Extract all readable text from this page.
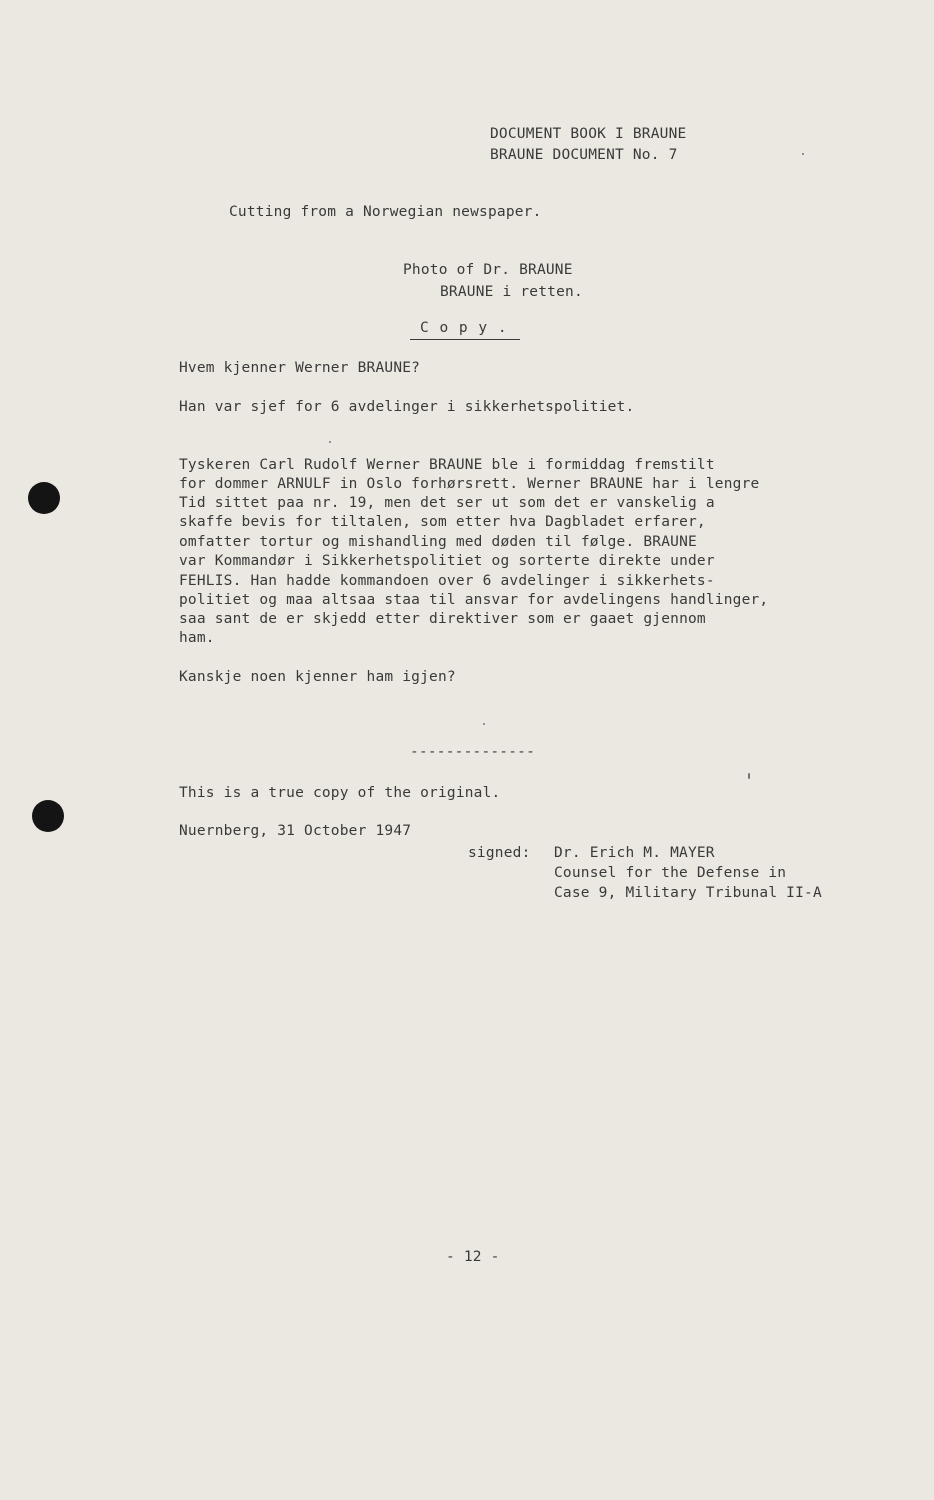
DOCUMENT BOOK I BRAUNE

BRAUNE DOCUMENT No. 7

Cutting from a Norwegian newspaper.

Photo of Dr. BRAUNE

BRAUNE i retten.

C o p y .

Hvem kjenner Werner BRAUNE?

Han var sjef for 6 avdelinger i sikkerhetspolitiet.

Tyskeren Carl Rudolf Werner BRAUNE ble i formiddag fremstilt

for dommer ARNULF in Oslo forhørsrett. Werner BRAUNE har i lengre

Tid sittet paa nr. 19, men det ser ut som det er vanskelig a

skaffe bevis for tiltalen, som etter hva Dagbladet erfarer,

omfatter tortur og mishandling med døden til følge. BRAUNE

var Kommandør i Sikkerhetspolitiet og sorterte direkte under

FEHLIS. Han hadde kommandoen over 6 avdelinger i sikkerhets-

politiet og maa altsaa staa til ansvar for avdelingens handlinger,

saa sant de er skjedd etter direktiver som er gaaet gjennom

ham.

Kanskje noen kjenner ham igjen?

--------------

This is a true copy of the original.

Nuernberg, 31 October 1947

signed: Dr. Erich M. MAYER

Counsel for the Defense in

Case 9, Military Tribunal II-A

- 12 -
